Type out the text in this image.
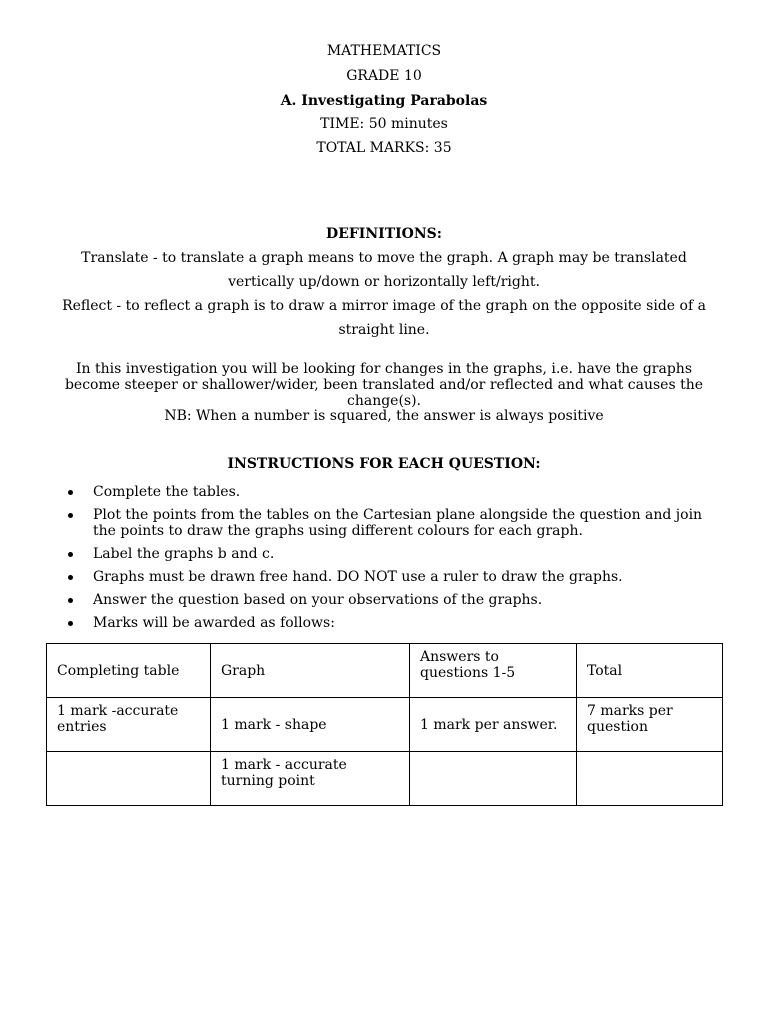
MATHEMATICS
GRADE 10
A. Investigating Parabolas
TIME: 50 minutes
TOTAL MARKS: 35
DEFINITIONS:
Translate - to translate a graph means to move the graph. A graph may be translated vertically up/down or horizontally left/right.
Reflect - to reflect a graph is to draw a mirror image of the graph on the opposite side of a straight line.
In this investigation you will be looking for changes in the graphs, i.e. have the graphs become steeper or shallower/wider, been translated and/or reflected and what causes the change(s).
NB: When a number is squared, the answer is always positive
INSTRUCTIONS FOR EACH QUESTION:
Complete the tables.
Plot the points from the tables on the Cartesian plane alongside the question and join the points to draw the graphs using different colours for each graph.
Label the graphs b and c.
Graphs must be drawn free hand. DO NOT use a ruler to draw the graphs.
Answer the question based on your observations of the graphs.
Marks will be awarded as follows:
Completing table	Graph	Answers to questions 1-5	Total
1 mark -accurate entries	1 mark - shape	1 mark per answer.	7 marks per question
	1 mark - accurate turning point		
